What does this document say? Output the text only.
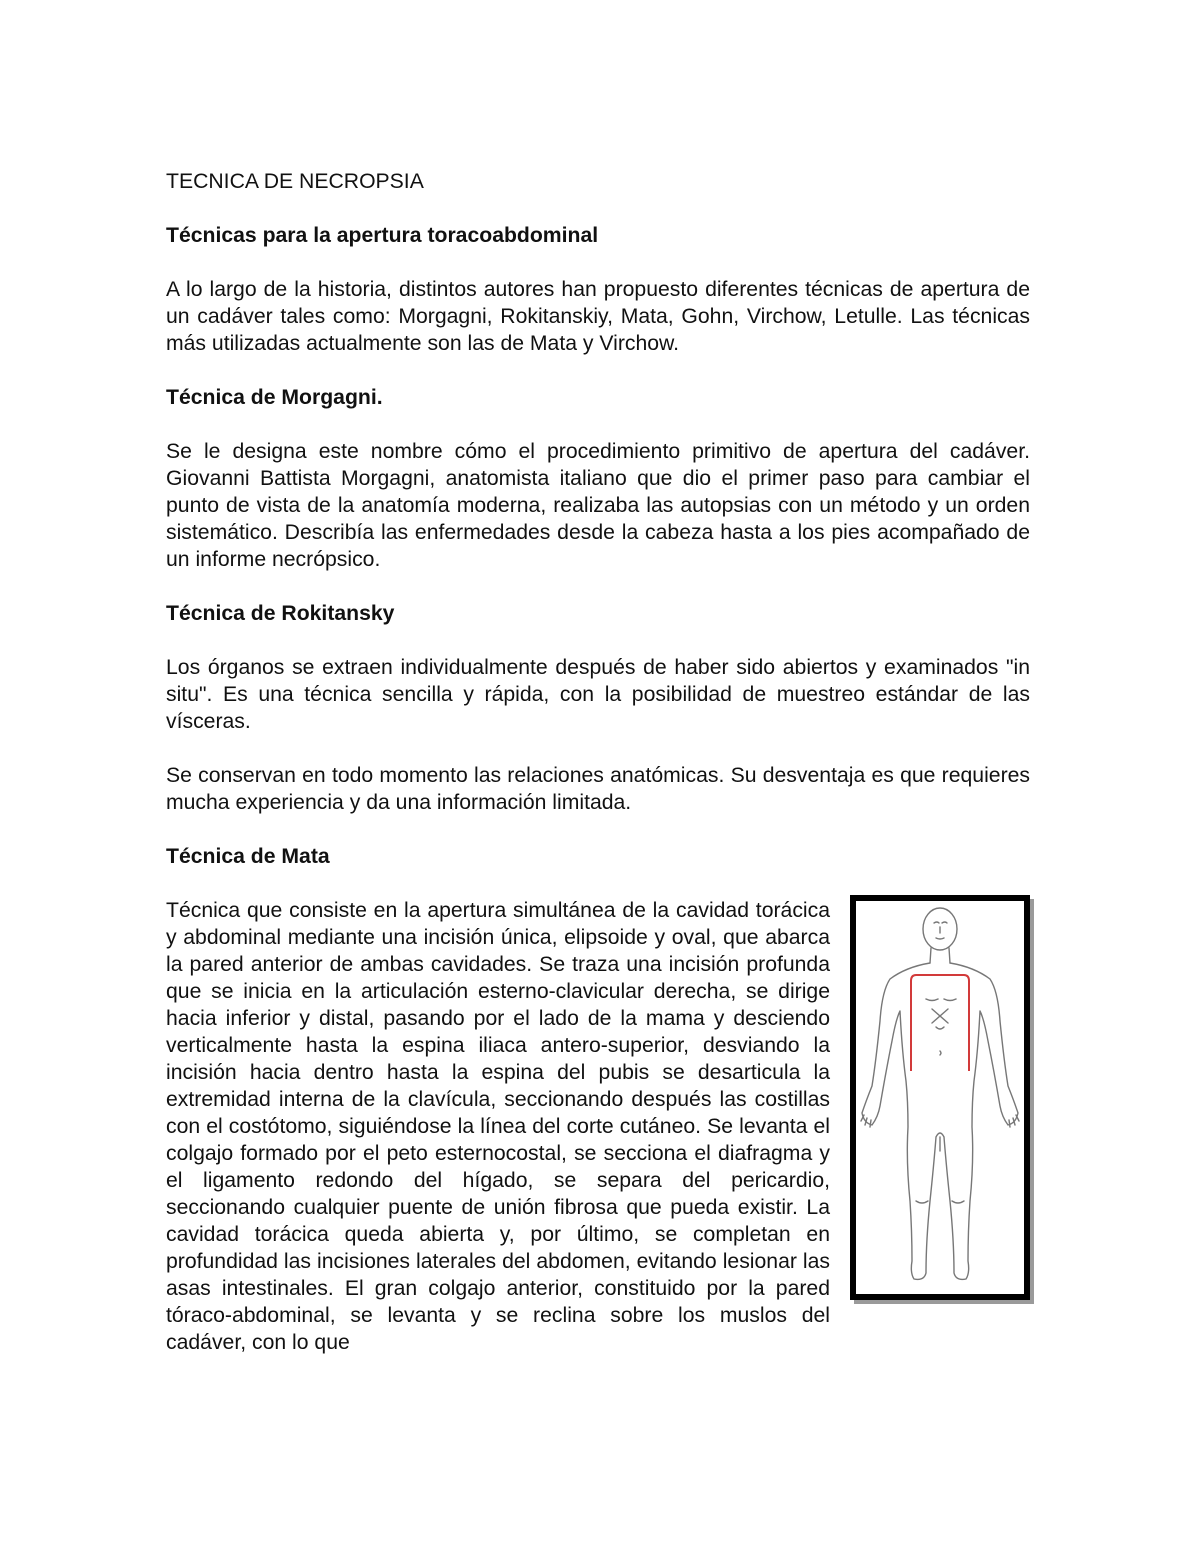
TECNICA DE NECROPSIA

Técnicas para la apertura toracoabdominal

A lo largo de la historia, distintos autores han propuesto diferentes técnicas de apertura de un cadáver tales como: Morgagni, Rokitanskiy, Mata, Gohn, Virchow, Letulle. Las técnicas más utilizadas actualmente son las de Mata y Virchow.

Técnica de Morgagni.

Se le designa este nombre cómo el procedimiento primitivo de apertura del cadáver. Giovanni Battista Morgagni, anatomista italiano que dio el primer paso para cambiar el punto de vista de la anatomía moderna, realizaba las autopsias con un método y un orden sistemático. Describía las enfermedades desde la cabeza hasta a los pies acompañado de un informe necrópsico.

Técnica de Rokitansky

Los órganos se extraen individualmente después de haber sido abiertos y examinados "in situ". Es una técnica sencilla y rápida, con la posibilidad de muestreo estándar de las vísceras.

Se conservan en todo momento las relaciones anatómicas. Su desventaja es que requieres mucha experiencia y da una información limitada.

Técnica de Mata

Técnica que consiste en la apertura simultánea de la cavidad torácica y abdominal mediante una incisión única, elipsoide y oval, que abarca la pared anterior de ambas cavidades. Se traza una incisión profunda que se inicia en la articulación esterno-clavicular derecha, se dirige hacia inferior y distal, pasando por el lado de la mama y desciendo verticalmente hasta la espina iliaca antero-superior, desviando la incisión hacia dentro hasta la espina del pubis se desarticula la extremidad interna de la clavícula, seccionando después las costillas con el costótomo, siguiéndose la línea del corte cutáneo. Se levanta el colgajo formado por el peto esternocostal, se secciona el diafragma y el ligamento redondo del hígado, se separa del pericardio, seccionando cualquier puente de unión fibrosa que pueda existir. La cavidad torácica queda abierta y, por último, se completan en profundidad las incisiones laterales del abdomen, evitando lesionar las asas intestinales. El gran colgajo anterior, constituido por la pared tóraco-abdominal, se levanta y se reclina sobre los muslos del cadáver, con lo que
